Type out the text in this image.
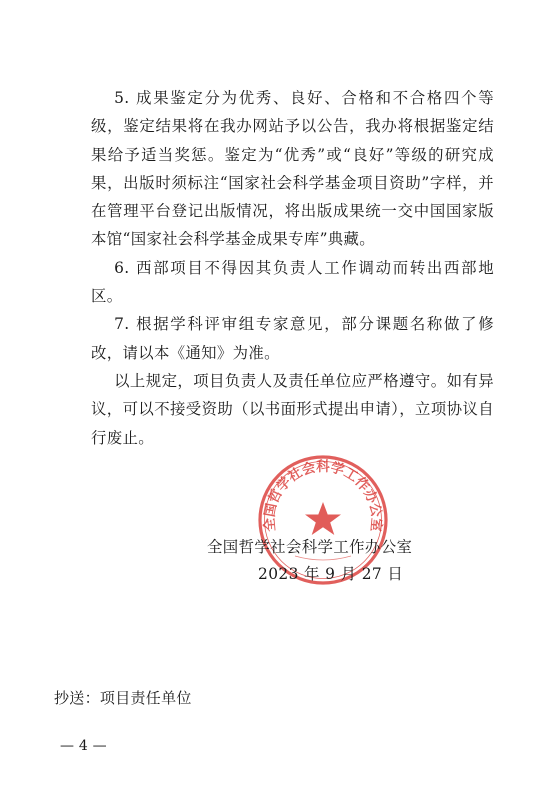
5. 成果鉴定分为优秀、良好、合格和不合格四个等级，鉴定结果将在我办网站予以公告，我办将根据鉴定结果给予适当奖惩。鉴定为“优秀”或“良好”等级的研究成果，出版时须标注“国家社会科学基金项目资助”字样，并在管理平台登记出版情况，将出版成果统一交中国国家版本馆“国家社会科学基金成果专库”典藏。

6. 西部项目不得因其负责人工作调动而转出西部地区。

7. 根据学科评审组专家意见，部分课题名称做了修改，请以本《通知》为准。

以上规定，项目负责人及责任单位应严格遵守。如有异议，可以不接受资助（以书面形式提出申请），立项协议自行废止。

全国哲学社会科学工作办公室
全国哲学社会科学工作办公室
2023 年 9 月 27 日
抄送：项目责任单位
— 4 —
